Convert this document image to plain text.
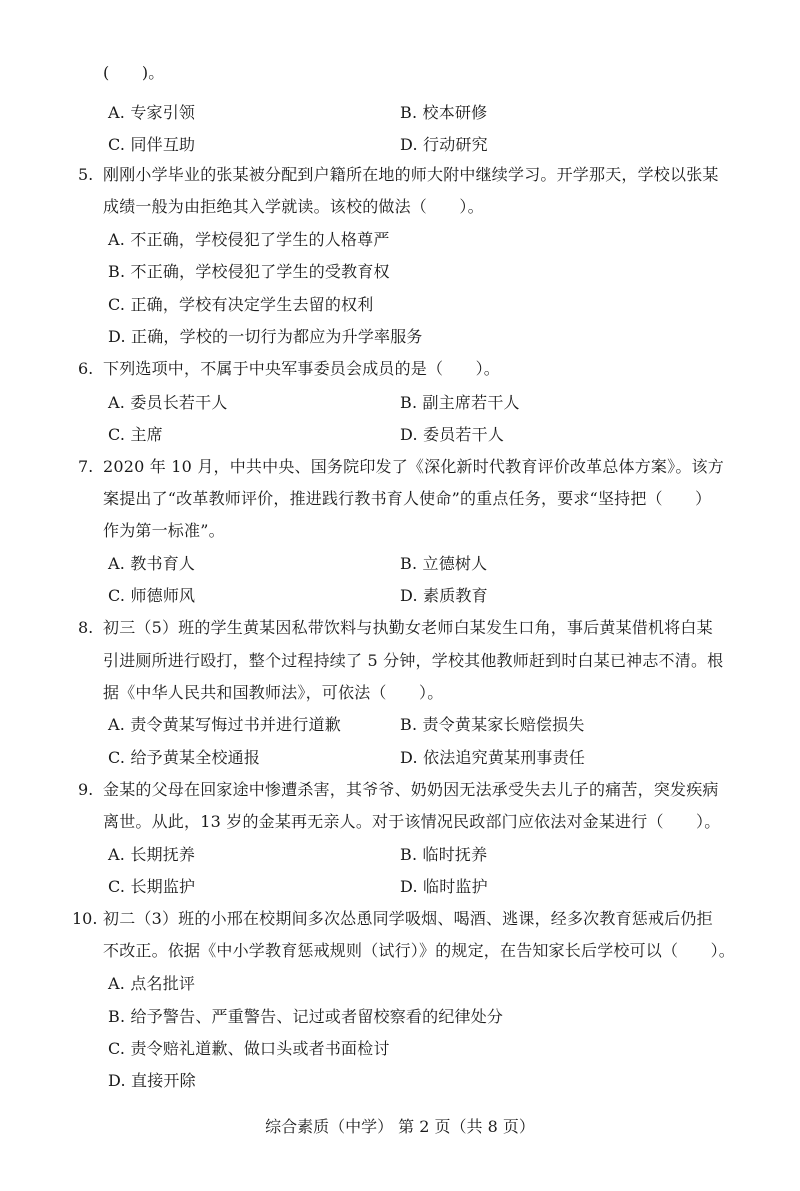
(　　)。
A. 专家引领	B. 校本研修
C. 同伴互助	D. 行动研究
5. 刚刚小学毕业的张某被分配到户籍所在地的师大附中继续学习。开学那天，学校以张某
成绩一般为由拒绝其入学就读。该校的做法（　　）。
A. 不正确，学校侵犯了学生的人格尊严
B. 不正确，学校侵犯了学生的受教育权
C. 正确，学校有决定学生去留的权利
D. 正确，学校的一切行为都应为升学率服务
6. 下列选项中，不属于中央军事委员会成员的是（　　）。
A. 委员长若干人	B. 副主席若干人
C. 主席	D. 委员若干人
7. 2020 年 10 月，中共中央、国务院印发了《深化新时代教育评价改革总体方案》。该方
案提出了“改革教师评价，推进践行教书育人使命”的重点任务，要求“坚持把（　　）
作为第一标准”。
A. 教书育人	B. 立德树人
C. 师德师风	D. 素质教育
8. 初三（5）班的学生黄某因私带饮料与执勤女老师白某发生口角，事后黄某借机将白某
引进厕所进行殴打，整个过程持续了 5 分钟，学校其他教师赶到时白某已神志不清。根
据《中华人民共和国教师法》，可依法（　　）。
A. 责令黄某写悔过书并进行道歉	B. 责令黄某家长赔偿损失
C. 给予黄某全校通报	D. 依法追究黄某刑事责任
9. 金某的父母在回家途中惨遭杀害，其爷爷、奶奶因无法承受失去儿子的痛苦，突发疾病
离世。从此，13 岁的金某再无亲人。对于该情况民政部门应依法对金某进行（　　）。
A. 长期抚养	B. 临时抚养
C. 长期监护	D. 临时监护
10. 初二（3）班的小邢在校期间多次怂恿同学吸烟、喝酒、逃课，经多次教育惩戒后仍拒
不改正。依据《中小学教育惩戒规则（试行）》的规定，在告知家长后学校可以（　　）。
A. 点名批评
B. 给予警告、严重警告、记过或者留校察看的纪律处分
C. 责令赔礼道歉、做口头或者书面检讨
D. 直接开除
综合素质（中学） 第 2 页（共 8 页）
